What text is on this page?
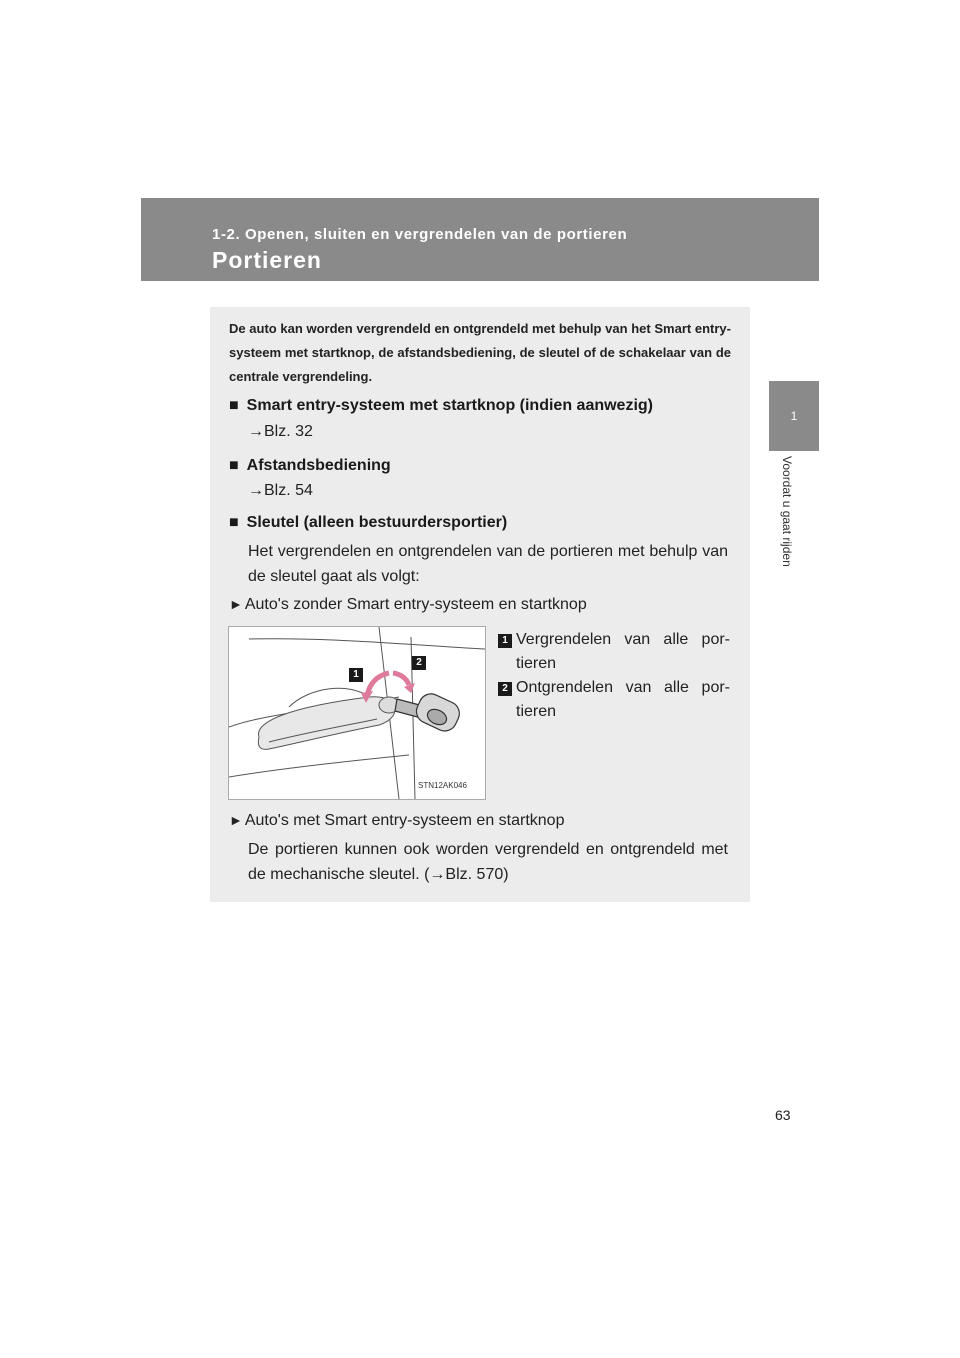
1-2. Openen, sluiten en vergrendelen van de portieren
Portieren
1
Voordat u gaat rijden
De auto kan worden vergrendeld en ontgrendeld met behulp van het Smart entry-systeem met startknop, de afstandsbediening, de sleutel of de schakelaar van de centrale vergrendeling.
■ Smart entry-systeem met startknop (indien aanwezig)
→Blz. 32
■ Afstandsbediening
→Blz. 54
■ Sleutel (alleen bestuurdersportier)
Het vergrendelen en ontgrendelen van de portieren met behulp van de sleutel gaat als volgt:
► Auto's zonder Smart entry-systeem en startknop
1
2
STN12AK046
1 Vergrendelen van alle por-tieren
2 Ontgrendelen van alle por-tieren
► Auto's met Smart entry-systeem en startknop
De portieren kunnen ook worden vergrendeld en ontgrendeld met de mechanische sleutel. (→Blz. 570)
63
